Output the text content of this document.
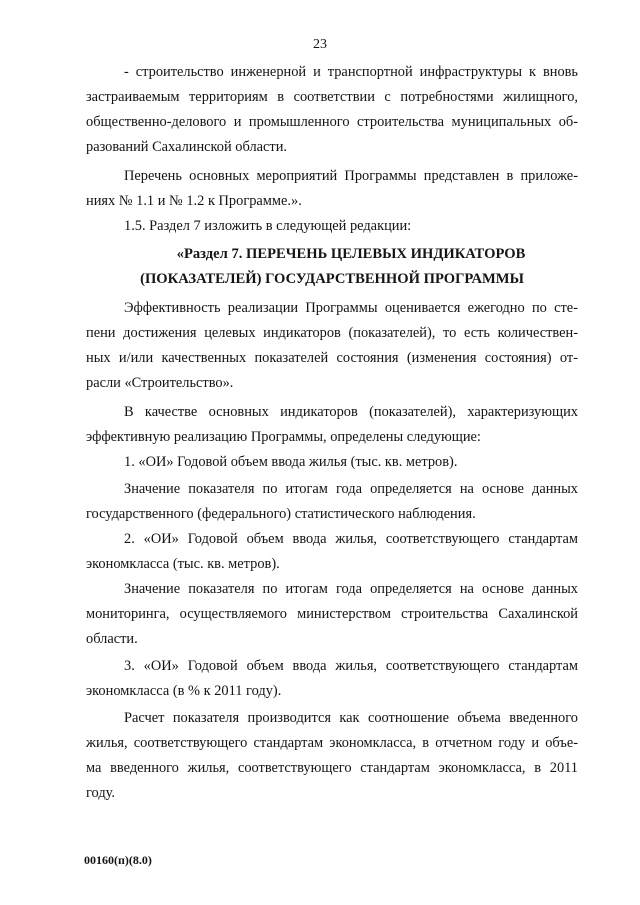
23
- строительство инженерной и транспортной инфраструктуры к вновь
застраиваемым территориям в соответствии с потребностями жилищного,
общественно-делового и промышленного строительства муниципальных об-
разований Сахалинской области.
Перечень основных мероприятий Программы представлен в приложе-
ниях № 1.1 и № 1.2 к Программе.».
1.5. Раздел 7 изложить в следующей редакции:
«Раздел 7. ПЕРЕЧЕНЬ ЦЕЛЕВЫХ ИНДИКАТОРОВ
(ПОКАЗАТЕЛЕЙ) ГОСУДАРСТВЕННОЙ ПРОГРАММЫ
Эффективность реализации Программы оценивается ежегодно по сте-
пени достижения целевых индикаторов (показателей), то есть количествен-
ных и/или качественных показателей состояния (изменения состояния) от-
расли «Строительство».
В качестве основных индикаторов (показателей), характеризующих
эффективную реализацию Программы, определены следующие:
1. «ОИ» Годовой объем ввода жилья (тыс. кв. метров).
Значение показателя по итогам года определяется на основе данных
государственного (федерального) статистического наблюдения.
2. «ОИ» Годовой объем ввода жилья, соответствующего стандартам
экономкласса (тыс. кв. метров).
Значение показателя по итогам года определяется на основе данных
мониторинга, осуществляемого министерством строительства Сахалинской
области.
3. «ОИ» Годовой объем ввода жилья, соответствующего стандартам
экономкласса (в % к 2011 году).
Расчет показателя производится как соотношение объема введенного
жилья, соответствующего стандартам экономкласса, в отчетном году и объе-
ма введенного жилья, соответствующего стандартам экономкласса, в 2011
году.
00160(п)(8.0)
